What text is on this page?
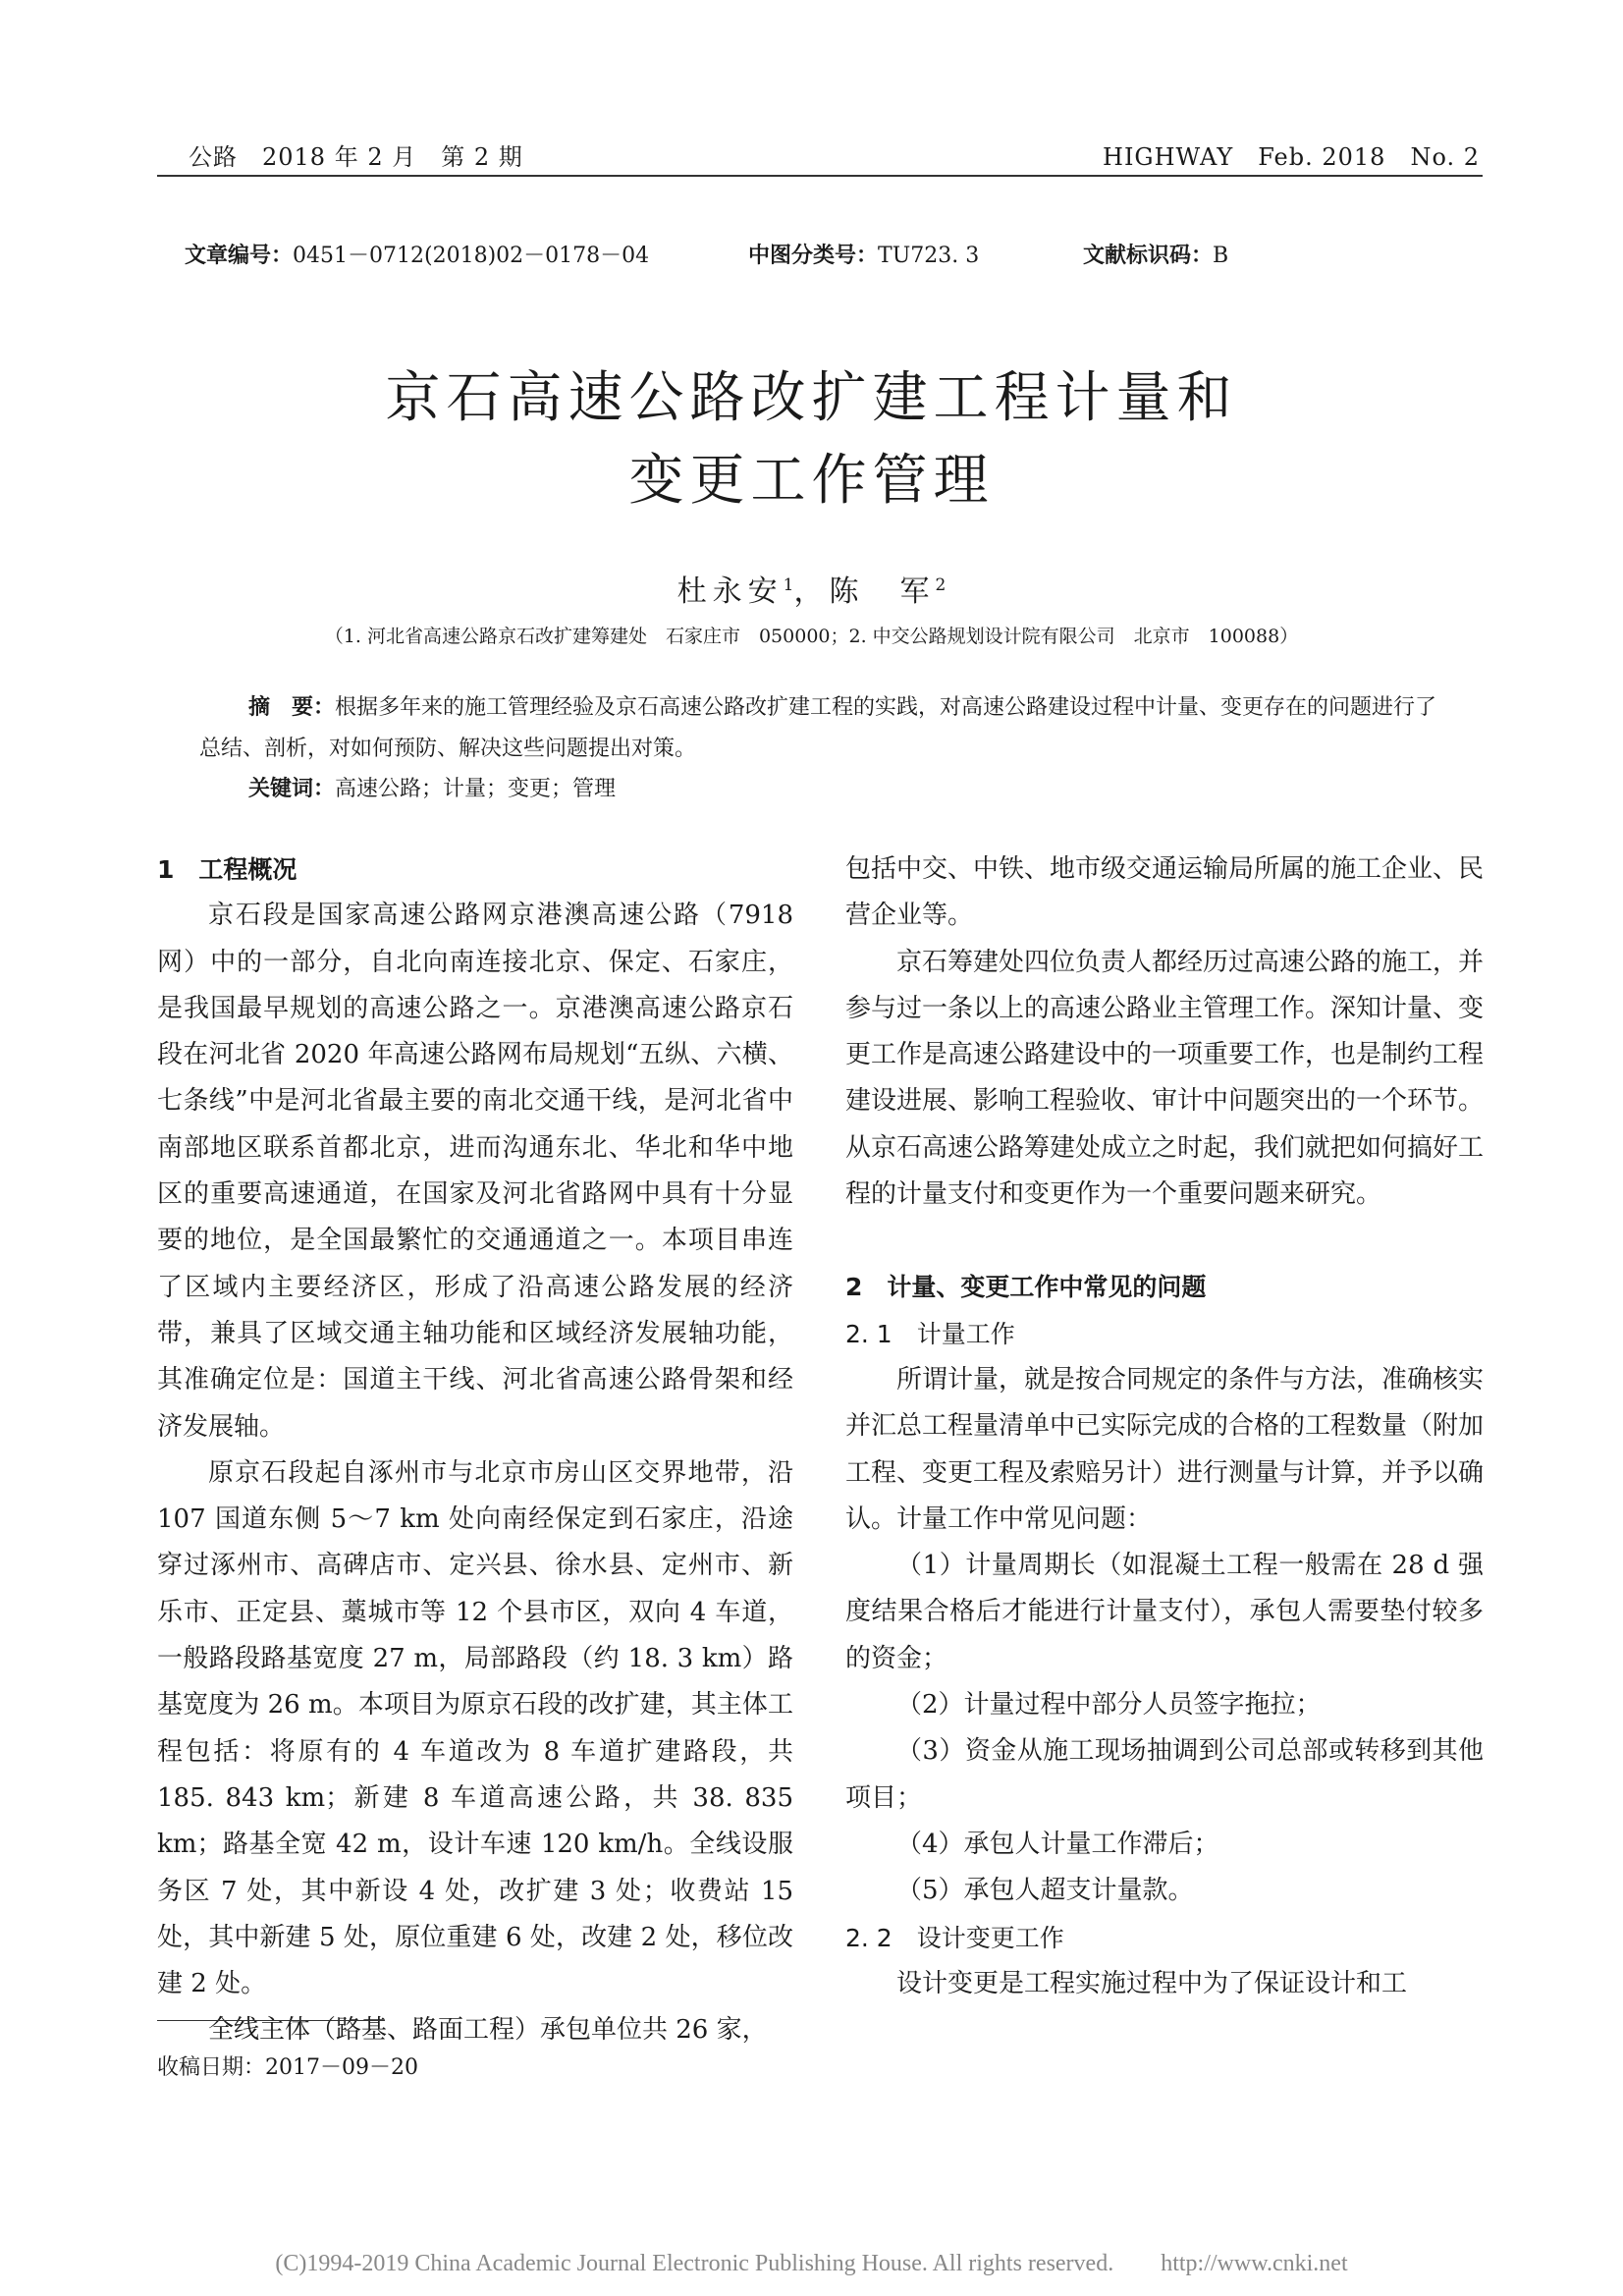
公路　2018 年 2 月　第 2 期	HIGHWAY　Feb. 2018　No. 2
文章编号：0451－0712(2018)02－0178－04	中图分类号：TU723. 3	文献标识码：B
京石高速公路改扩建工程计量和
变更工作管理
杜永安$^1$，陈　军$^2$
（1. 河北省高速公路京石改扩建筹建处　石家庄市　050000；2. 中交公路规划设计院有限公司　北京市　100088）
摘　要：根据多年来的施工管理经验及京石高速公路改扩建工程的实践，对高速公路建设过程中计量、变更存在的问题进行了总结、剖析，对如何预防、解决这些问题提出对策。
关键词：高速公路；计量；变更；管理

1　工程概况

京石段是国家高速公路网京港澳高速公路（7918 网）中的一部分，自北向南连接北京、保定、石家庄，是我国最早规划的高速公路之一。京港澳高速公路京石段在河北省 2020 年高速公路网布局规划“五纵、六横、七条线”中是河北省最主要的南北交通干线，是河北省中南部地区联系首都北京，进而沟通东北、华北和华中地区的重要高速通道，在国家及河北省路网中具有十分显要的地位，是全国最繁忙的交通通道之一。本项目串连了区域内主要经济区，形成了沿高速公路发展的经济带，兼具了区域交通主轴功能和区域经济发展轴功能，其准确定位是：国道主干线、河北省高速公路骨架和经济发展轴。

原京石段起自涿州市与北京市房山区交界地带，沿 107 国道东侧 5～7 km 处向南经保定到石家庄，沿途穿过涿州市、高碑店市、定兴县、徐水县、定州市、新乐市、正定县、藁城市等 12 个县市区，双向 4 车道，一般路段路基宽度 27 m，局部路段（约 18. 3 km）路基宽度为 26 m。本项目为原京石段的改扩建，其主体工程包括：将原有的 4 车道改为 8 车道扩建路段，共 185. 843 km；新建 8 车道高速公路，共 38. 835 km；路基全宽 42 m，设计车速 120 km/h。全线设服务区 7 处，其中新设 4 处，改扩建 3 处；收费站 15 处，其中新建 5 处，原位重建 6 处，改建 2 处，移位改建 2 处。

全线主体（路基、路面工程）承包单位共 26 家，

包括中交、中铁、地市级交通运输局所属的施工企业、民营企业等。

京石筹建处四位负责人都经历过高速公路的施工，并参与过一条以上的高速公路业主管理工作。深知计量、变更工作是高速公路建设中的一项重要工作，也是制约工程建设进展、影响工程验收、审计中问题突出的一个环节。从京石高速公路筹建处成立之时起，我们就把如何搞好工程的计量支付和变更作为一个重要问题来研究。

2　计量、变更工作中常见的问题

2. 1　计量工作

所谓计量，就是按合同规定的条件与方法，准确核实并汇总工程量清单中已实际完成的合格的工程数量（附加工程、变更工程及索赔另计）进行测量与计算，并予以确认。计量工作中常见问题：

（1）计量周期长（如混凝土工程一般需在 28 d 强度结果合格后才能进行计量支付），承包人需要垫付较多的资金；

（2）计量过程中部分人员签字拖拉；

（3）资金从施工现场抽调到公司总部或转移到其他项目；

（4）承包人计量工作滞后；

（5）承包人超支计量款。

2. 2　设计变更工作

设计变更是工程实施过程中为了保证设计和工

收稿日期：2017－09－20
(C)1994-2019 China Academic Journal Electronic Publishing House. All rights reserved.　　http://www.cnki.net
